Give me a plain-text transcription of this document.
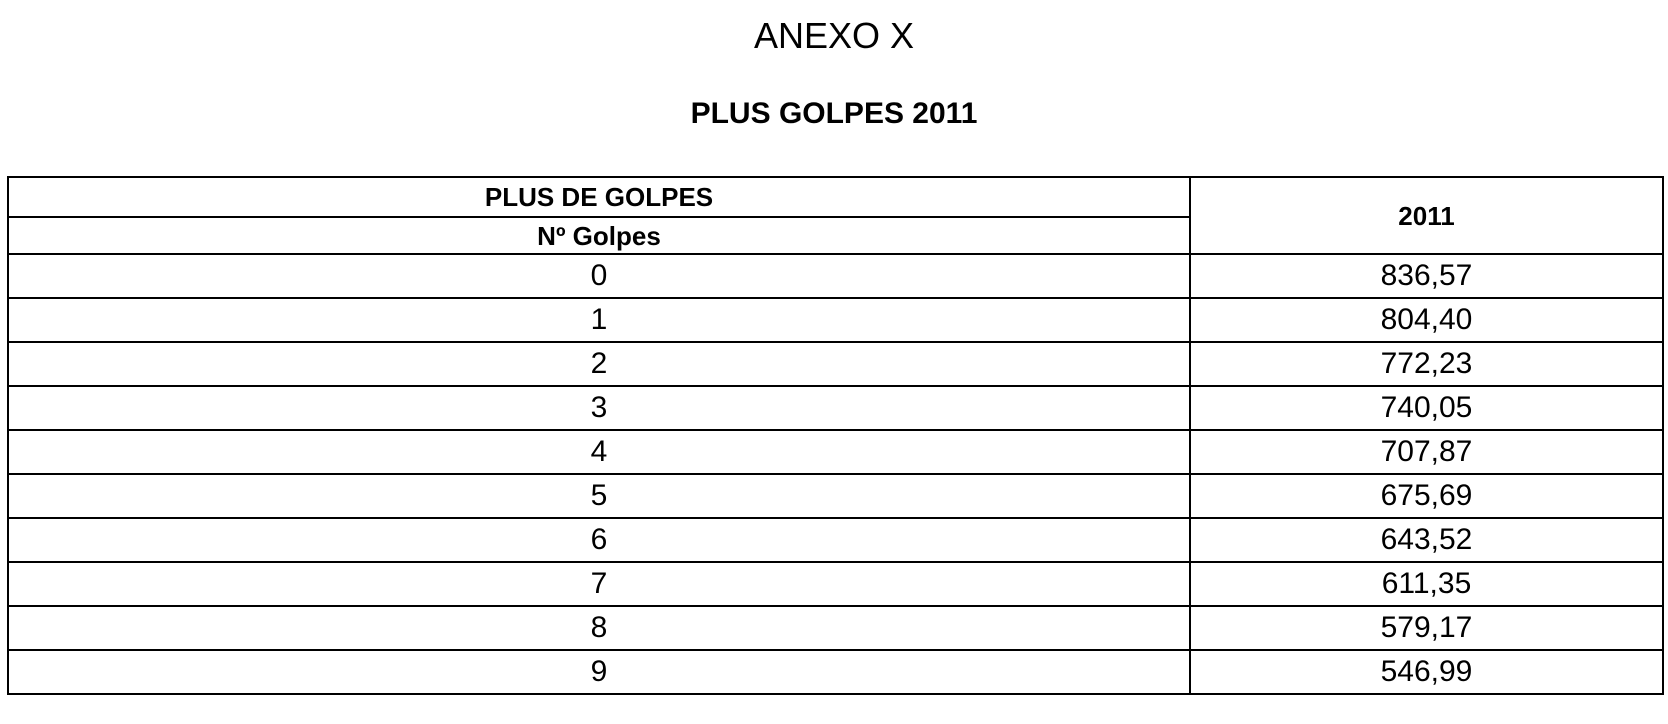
ANEXO X
PLUS GOLPES 2011
PLUS DE GOLPES	2011
Nº Golpes	
0	836,57
1	804,40
2	772,23
3	740,05
4	707,87
5	675,69
6	643,52
7	611,35
8	579,17
9	546,99
